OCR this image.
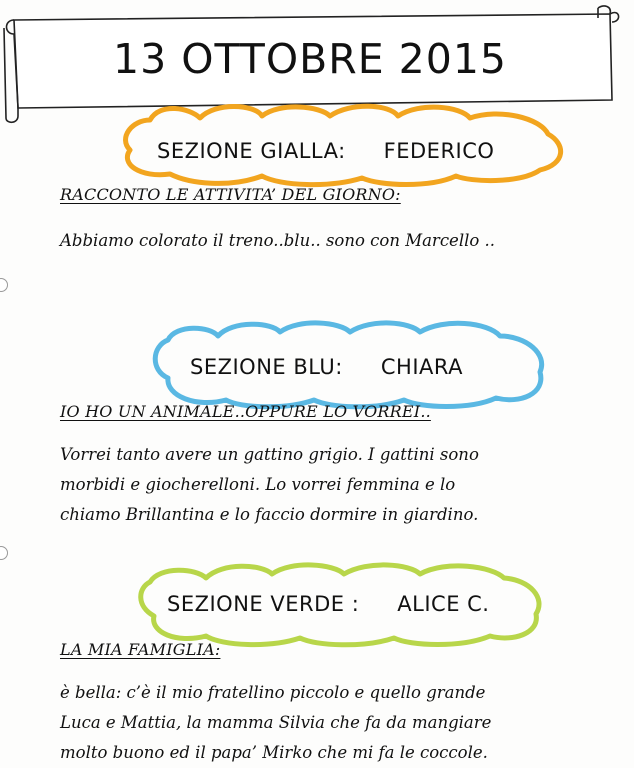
13 OTTOBRE 2015
SEZIONE GIALLA: FEDERICO

RACCONTO LE ATTIVITA’ DEL GIORNO:

Abbiamo colorato il treno..blu.. sono con Marcello ..

SEZIONE BLU: CHIARA

IO HO UN ANIMALE..OPPURE LO VORREI..

Vorrei tanto avere un gattino grigio. I gattini sono
morbidi e giocherelloni. Lo vorrei femmina e lo
chiamo Brillantina e lo faccio dormire in giardino.

SEZIONE VERDE : ALICE C.

LA MIA FAMIGLIA:

è bella: c’è il mio fratellino piccolo e quello grande
Luca e Mattia, la mamma Silvia che fa da mangiare
molto buono ed il papa’ Mirko che mi fa le coccole.
